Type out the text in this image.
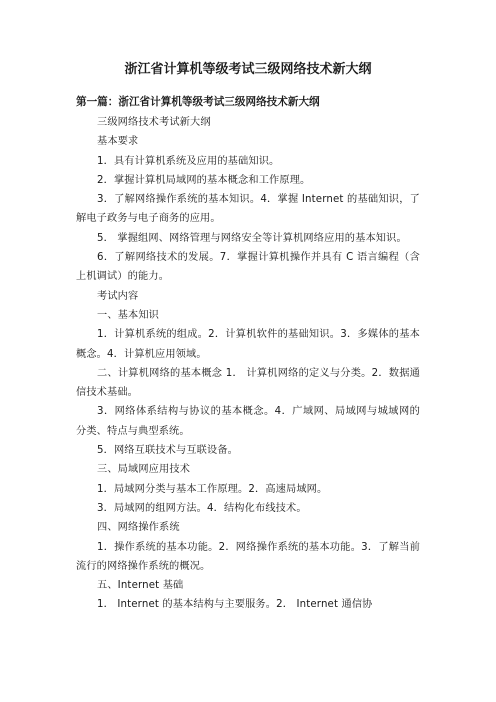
浙江省计算机等级考试三级网络技术新大纲
第一篇：浙江省计算机等级考试三级网络技术新大纲

三级网络技术考试新大纲

基本要求

1．具有计算机系统及应用的基础知识。

2．掌握计算机局域网的基本概念和工作原理。

3．了解网络操作系统的基本知识。4．掌握 Internet 的基础知识，了解电子政务与电子商务的应用。

5． 掌握组网、网络管理与网络安全等计算机网络应用的基本知识。

6．了解网络技术的发展。7．掌握计算机操作并具有 C 语言编程（含上机调试）的能力。

考试内容

一、基本知识

1．计算机系统的组成。2．计算机软件的基础知识。3．多媒体的基本概念。4．计算机应用领域。

二、计算机网络的基本概念 1． 计算机网络的定义与分类。2．数据通信技术基础。

3．网络体系结构与协议的基本概念。4．广域网、局域网与城域网的分类、特点与典型系统。

5．网络互联技术与互联设备。

三、局域网应用技术

1．局域网分类与基本工作原理。2．高速局域网。

3．局域网的组网方法。4．结构化布线技术。

四、网络操作系统

1．操作系统的基本功能。2．网络操作系统的基本功能。3．了解当前流行的网络操作系统的概况。

五、Internet 基础

1． Internet 的基本结构与主要服务。2． Internet 通信协
